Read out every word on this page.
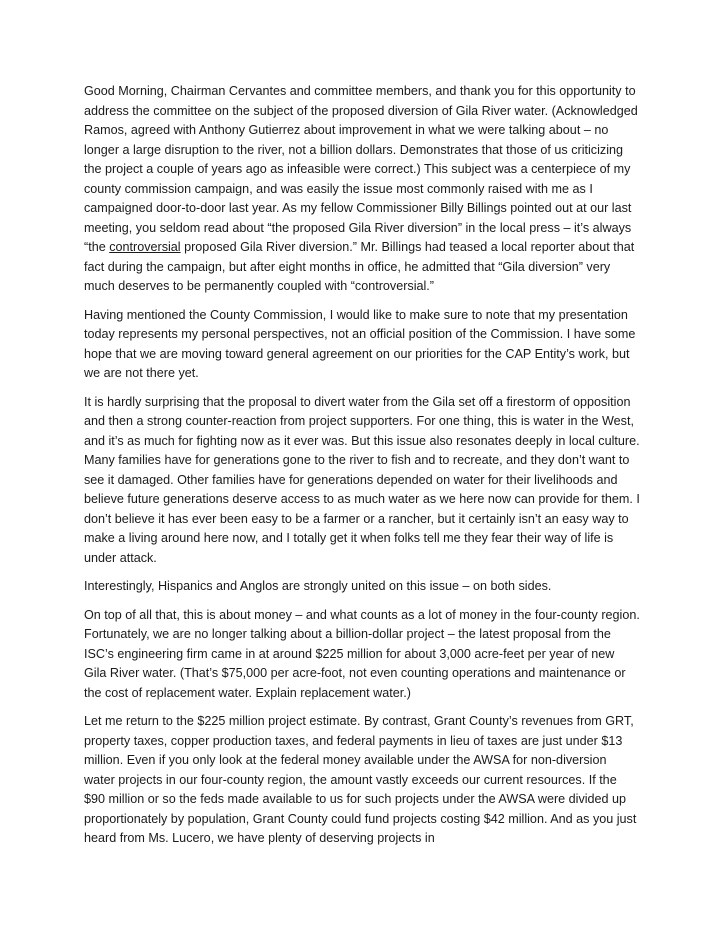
Good Morning, Chairman Cervantes and committee members, and thank you for this opportunity to address the committee on the subject of the proposed diversion of Gila River water. (Acknowledged Ramos, agreed with Anthony Gutierrez about improvement in what we were talking about – no longer a large disruption to the river, not a billion dollars. Demonstrates that those of us criticizing the project a couple of years ago as infeasible were correct.) This subject was a centerpiece of my county commission campaign, and was easily the issue most commonly raised with me as I campaigned door-to-door last year. As my fellow Commissioner Billy Billings pointed out at our last meeting, you seldom read about “the proposed Gila River diversion” in the local press – it’s always “the controversial proposed Gila River diversion.” Mr. Billings had teased a local reporter about that fact during the campaign, but after eight months in office, he admitted that “Gila diversion” very much deserves to be permanently coupled with “controversial.”

Having mentioned the County Commission, I would like to make sure to note that my presentation today represents my personal perspectives, not an official position of the Commission. I have some hope that we are moving toward general agreement on our priorities for the CAP Entity’s work, but we are not there yet.

It is hardly surprising that the proposal to divert water from the Gila set off a firestorm of opposition and then a strong counter-reaction from project supporters. For one thing, this is water in the West, and it’s as much for fighting now as it ever was. But this issue also resonates deeply in local culture. Many families have for generations gone to the river to fish and to recreate, and they don’t want to see it damaged. Other families have for generations depended on water for their livelihoods and believe future generations deserve access to as much water as we here now can provide for them. I don’t believe it has ever been easy to be a farmer or a rancher, but it certainly isn’t an easy way to make a living around here now, and I totally get it when folks tell me they fear their way of life is under attack.

Interestingly, Hispanics and Anglos are strongly united on this issue – on both sides.

On top of all that, this is about money – and what counts as a lot of money in the four-county region. Fortunately, we are no longer talking about a billion-dollar project – the latest proposal from the ISC’s engineering firm came in at around $225 million for about 3,000 acre-feet per year of new Gila River water. (That’s $75,000 per acre-foot, not even counting operations and maintenance or the cost of replacement water. Explain replacement water.)

Let me return to the $225 million project estimate. By contrast, Grant County’s revenues from GRT, property taxes, copper production taxes, and federal payments in lieu of taxes are just under $13 million. Even if you only look at the federal money available under the AWSA for non-diversion water projects in our four-county region, the amount vastly exceeds our current resources. If the $90 million or so the feds made available to us for such projects under the AWSA were divided up proportionately by population, Grant County could fund projects costing $42 million. And as you just heard from Ms. Lucero, we have plenty of deserving projects in
